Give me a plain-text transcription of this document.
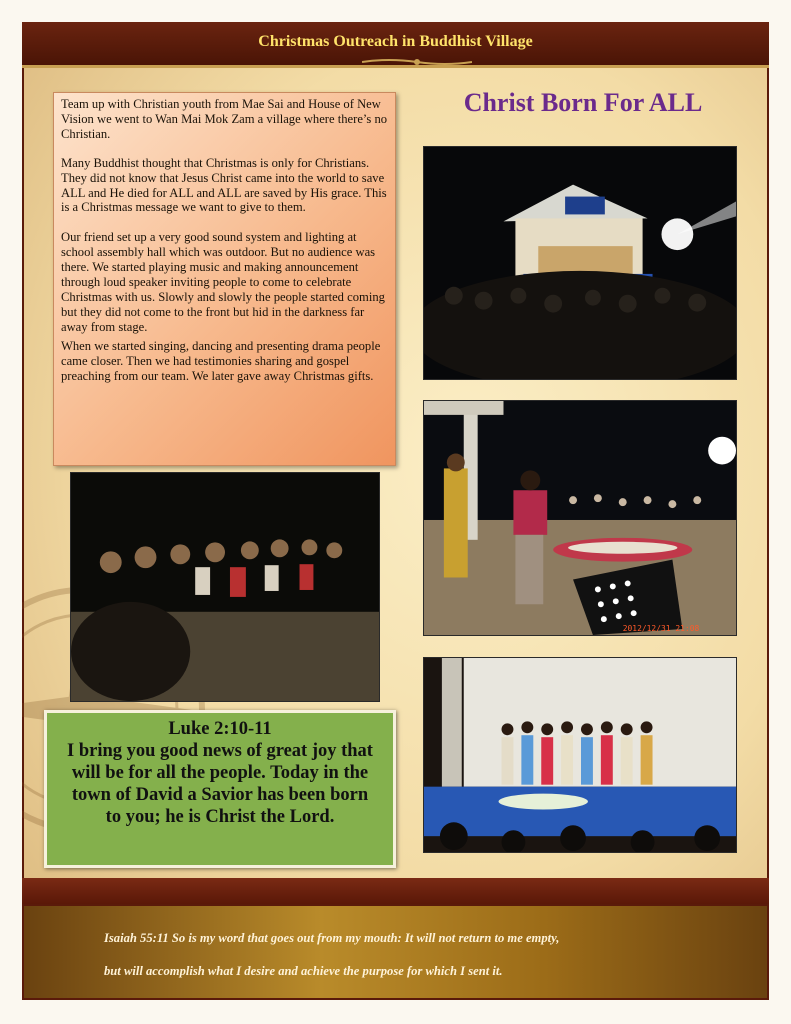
Christmas Outreach in Buddhist Village

Team up with Christian youth from Mae Sai and House of New Vision we went to Wan Mai Mok Zam a village where there’s no Christian.

Many Buddhist thought that Christmas is only for Christians. They did not know that Jesus Christ came into the world to save ALL and He died for ALL and ALL are saved by His grace. This is a Christmas message we want to give to them.

Our friend set up a very good sound system and lighting at school assembly hall which was outdoor. But no audience was there. We started playing music and making announcement through loud speaker inviting people to come to celebrate Christmas with us. Slowly and slowly the people started coming but they did not come to the front but hid in the darkness far away from stage.

When we started singing, dancing and presenting drama people came closer. Then we had testimonies sharing and gospel preaching from our team. We later gave away Christmas gifts.

Christ Born For ALL
2012/12/31 21:08
Luke 2:10-11
I bring you good news of great joy that will be for all the people. Today in the town of David a Savior has been born to you; he is Christ the Lord.
Isaiah 55:11 So is my word that goes out from my mouth: It will not return to me empty,
but will accomplish what I desire and achieve the purpose for which I sent it.
